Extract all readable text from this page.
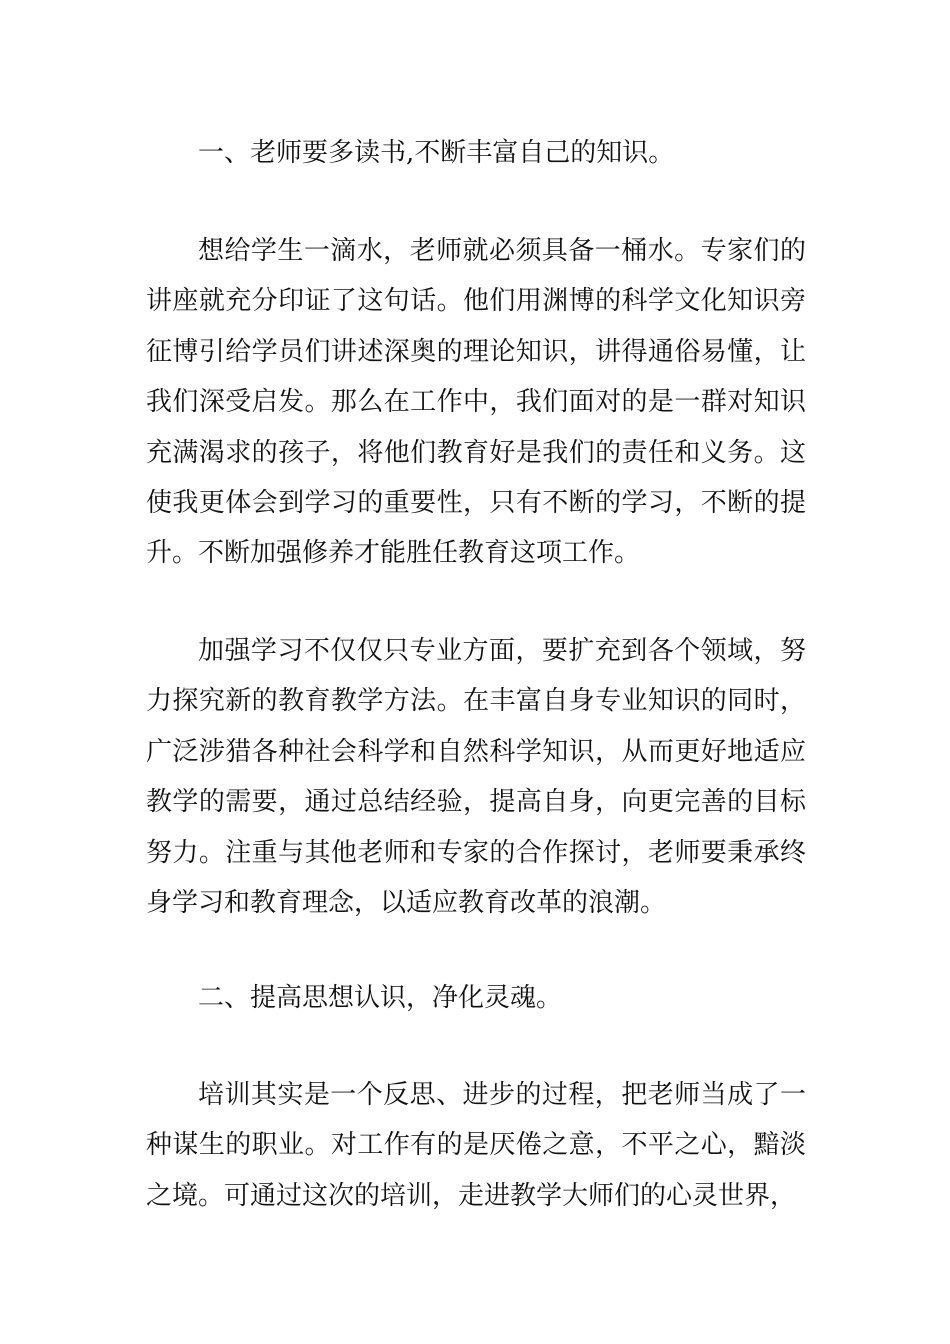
一、老师要多读书,不断丰富自己的知识。

想给学生一滴水，老师就必须具备一桶水。专家们的讲座就充分印证了这句话。他们用渊博的科学文化知识旁征博引给学员们讲述深奥的理论知识，讲得通俗易懂，让我们深受启发。那么在工作中，我们面对的是一群对知识充满渴求的孩子，将他们教育好是我们的责任和义务。这使我更体会到学习的重要性，只有不断的学习，不断的提升。不断加强修养才能胜任教育这项工作。

加强学习不仅仅只专业方面，要扩充到各个领域，努力探究新的教育教学方法。在丰富自身专业知识的同时，广泛涉猎各种社会科学和自然科学知识，从而更好地适应教学的需要，通过总结经验，提高自身，向更完善的目标努力。注重与其他老师和专家的合作探讨，老师要秉承终身学习和教育理念，以适应教育改革的浪潮。

二、提高思想认识，净化灵魂。

培训其实是一个反思、进步的过程，把老师当成了一种谋生的职业。对工作有的是厌倦之意，不平之心，黯淡之境。可通过这次的培训，走进教学大师们的心灵世界，
